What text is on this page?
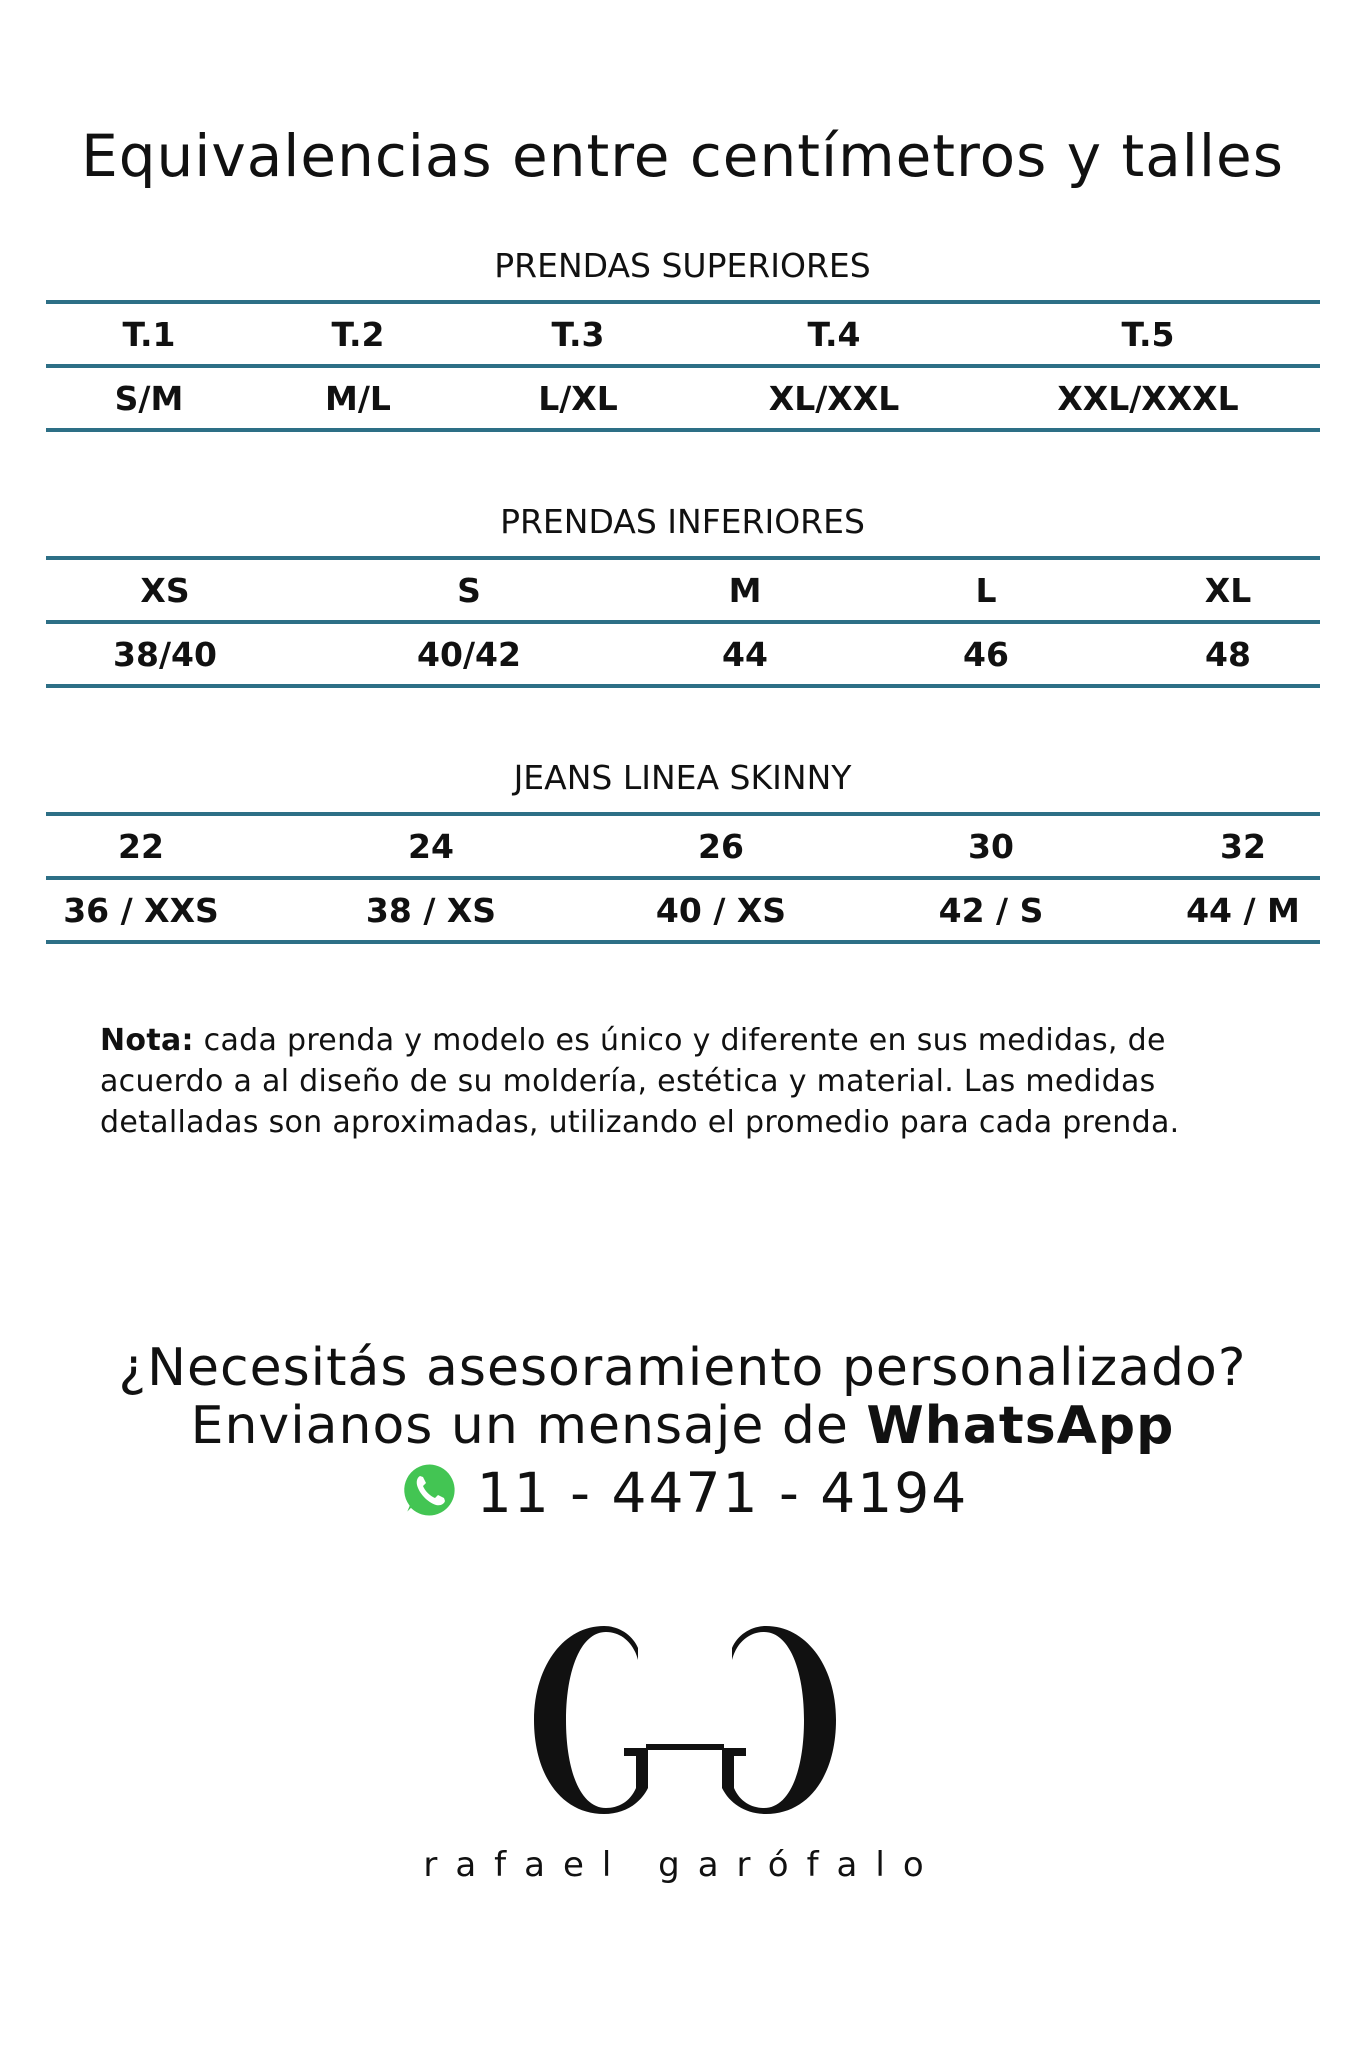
Equivalencias entre centímetros y talles
PRENDAS SUPERIORES
T.1	T.2	T.3	T.4	T.5
S/M	M/L	L/XL	XL/XXL	XXL/XXXL
PRENDAS INFERIORES
XS	S	M	L	XL
38/40	40/42	44	46	48
JEANS LINEA SKINNY
22	24	26	30	32
36 / XXS	38 / XS	40 / XS	42 / S	44 / M

Nota: cada prenda y modelo es único y diferente en sus medidas, de acuerdo a al diseño de su moldería, estética y material. Las medidas detalladas son aproximadas, utilizando el promedio para cada prenda.

¿Necesitás asesoramiento personalizado?

Envianos un mensaje de WhatsApp

11 - 4471 - 4194

rafael garófalo
